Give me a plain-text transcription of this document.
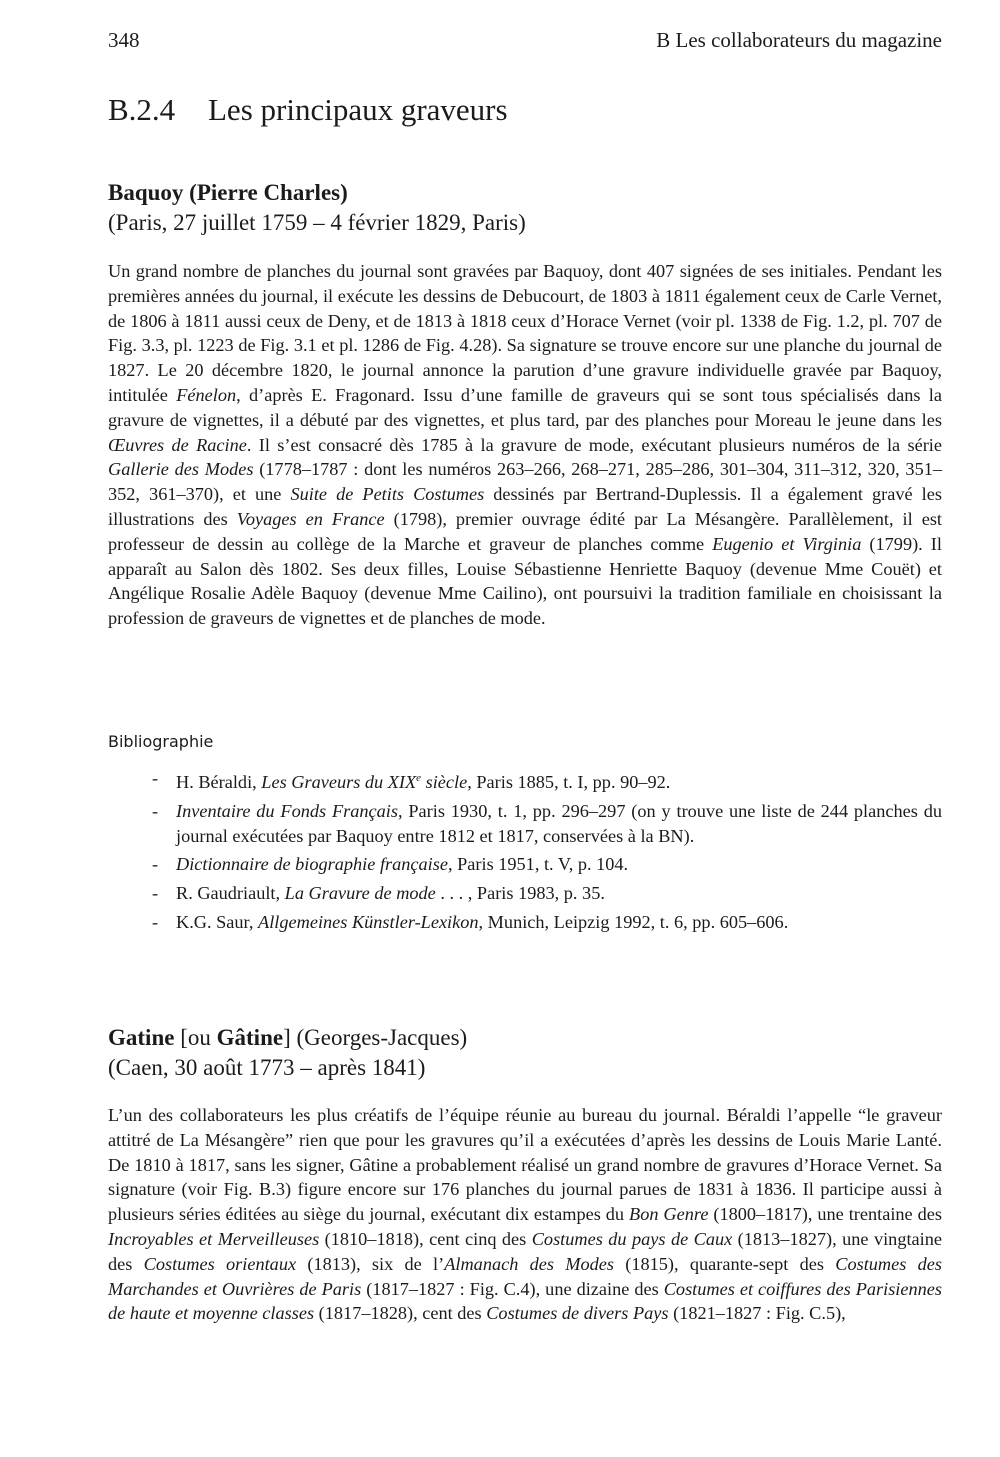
348	B Les collaborateurs du magazine
B.2.4 Les principaux graveurs

Baquoy (Pierre Charles)

(Paris, 27 juillet 1759 – 4 février 1829, Paris)

Un grand nombre de planches du journal sont gravées par Baquoy, dont 407 signées de ses initiales. Pendant les premières années du journal, il exécute les dessins de Debucourt, de 1803 à 1811 également ceux de Carle Vernet, de 1806 à 1811 aussi ceux de Deny, et de 1813 à 1818 ceux d’Horace Vernet (voir pl. 1338 de Fig. 1.2, pl. 707 de Fig. 3.3, pl. 1223 de Fig. 3.1 et pl. 1286 de Fig. 4.28). Sa signature se trouve encore sur une planche du journal de 1827. Le 20 décembre 1820, le journal annonce la parution d’une gravure individuelle gravée par Baquoy, intitulée Fénelon, d’après E. Fragonard. Issu d’une famille de graveurs qui se sont tous spécialisés dans la gravure de vignettes, il a débuté par des vignettes, et plus tard, par des planches pour Moreau le jeune dans les Œuvres de Racine. Il s’est consacré dès 1785 à la gravure de mode, exécutant plusieurs numéros de la série Gallerie des Modes (1778–1787 : dont les numéros 263–266, 268–271, 285–286, 301–304, 311–312, 320, 351–352, 361–370), et une Suite de Petits Costumes dessinés par Bertrand-Duplessis. Il a également gravé les illustrations des Voyages en France (1798), premier ouvrage édité par La Mésangère. Parallèlement, il est professeur de dessin au collège de la Marche et graveur de planches comme Eugenio et Virginia (1799). Il apparaît au Salon dès 1802. Ses deux filles, Louise Sébastienne Henriette Baquoy (devenue Mme Couët) et Angélique Rosalie Adèle Baquoy (devenue Mme Cailino), ont poursuivi la tradition familiale en choisissant la profession de graveurs de vignettes et de planches de mode.

Bibliographie
- H. Béraldi, Les Graveurs du XIXe siècle, Paris 1885, t. I, pp. 90–92.
- Inventaire du Fonds Français, Paris 1930, t. 1, pp. 296–297 (on y trouve une liste de 244 planches du journal exécutées par Baquoy entre 1812 et 1817, conservées à la BN).
- Dictionnaire de biographie française, Paris 1951, t. V, p. 104.
- R. Gaudriault, La Gravure de mode . . . , Paris 1983, p. 35.
- K.G. Saur, Allgemeines Künstler-Lexikon, Munich, Leipzig 1992, t. 6, pp. 605–606.

Gatine [ou Gâtine] (Georges-Jacques)

(Caen, 30 août 1773 – après 1841)

L’un des collaborateurs les plus créatifs de l’équipe réunie au bureau du journal. Béraldi l’appelle “le graveur attitré de La Mésangère” rien que pour les gravures qu’il a exécutées d’après les dessins de Louis Marie Lanté. De 1810 à 1817, sans les signer, Gâtine a probablement réalisé un grand nombre de gravures d’Horace Vernet. Sa signature (voir Fig. B.3) figure encore sur 176 planches du journal parues de 1831 à 1836. Il participe aussi à plusieurs séries éditées au siège du journal, exécutant dix estampes du Bon Genre (1800–1817), une trentaine des Incroyables et Merveilleuses (1810–1818), cent cinq des Costumes du pays de Caux (1813–1827), une vingtaine des Costumes orientaux (1813), six de l’Almanach des Modes (1815), quarante-sept des Costumes des Marchandes et Ouvrières de Paris (1817–1827 : Fig. C.4), une dizaine des Costumes et coiffures des Parisiennes de haute et moyenne classes (1817–1828), cent des Costumes de divers Pays (1821–1827 : Fig. C.5),
